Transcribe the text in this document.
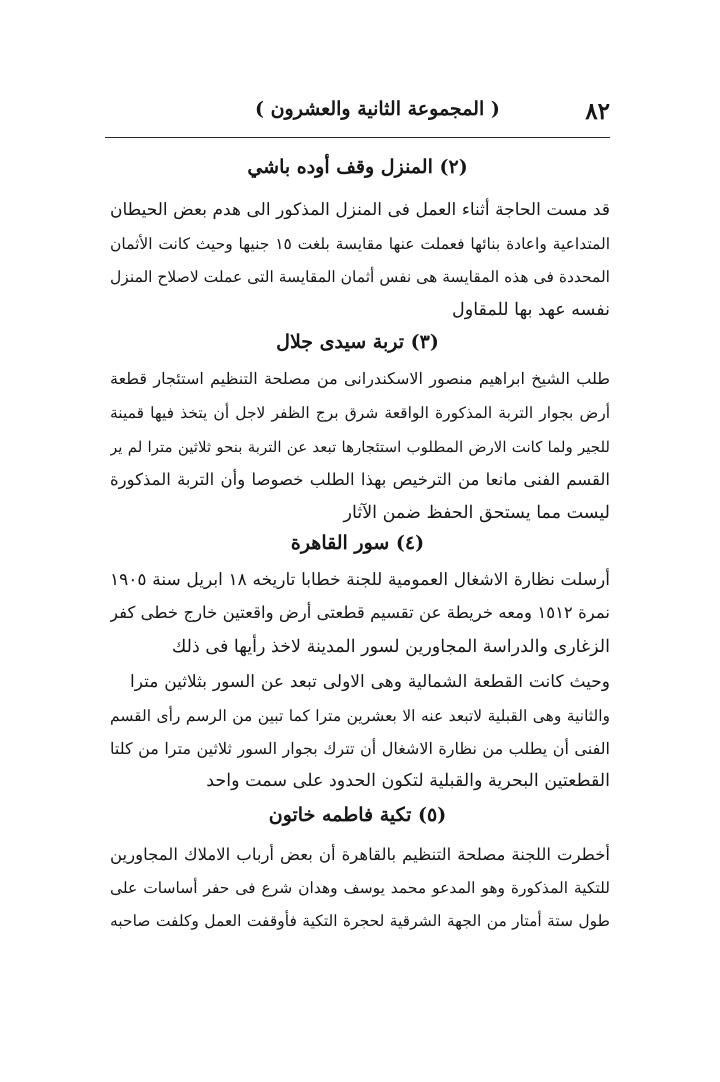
٨٢
( المجموعة الثانية والعشرون )
(٢) المنزل وقف أوده باشي
قد مست الحاجة أثناء العمل فى المنزل المذكور الى هدم بعض الحيطان
المتداعية واعادة بنائها فعملت عنها مقايسة بلغت ١٥ جنيها وحيث كانت الأثمان
المحددة فى هذه المقايسة هى نفس أثمان المقايسة التى عملت لاصلاح المنزل
نفسه عهد بها للمقاول
(٣) تربة سيدى جلال
طلب الشيخ ابراهيم منصور الاسكندرانى من مصلحة التنظيم استئجار قطعة
أرض بجوار التربة المذكورة الواقعة شرق برج الظفر لاجل أن يتخذ فيها قمينة
للجير ولما كانت الارض المطلوب استئجارها تبعد عن التربة بنحو ثلاثين مترا لم ير
القسم الفنى مانعا من الترخيص بهذا الطلب خصوصا وأن التربة المذكورة
ليست مما يستحق الحفظ ضمن الآثار
(٤) سور القاهرة
أرسلت نظارة الاشغال العمومية للجنة خطابا تاريخه ١٨ ابريل سنة ١٩٠٥
نمرة ١٥١٢ ومعه خريطة عن تقسيم قطعتى أرض واقعتين خارج خطى كفر
الزغارى والدراسة المجاورين لسور المدينة لاخذ رأيها فى ذلك
وحيث كانت القطعة الشمالية وهى الاولى تبعد عن السور بثلاثين مترا
والثانية وهى القبلية لاتبعد عنه الا بعشرين مترا كما تبين من الرسم رأى القسم
الفنى أن يطلب من نظارة الاشغال أن تترك بجوار السور ثلاثين مترا من كلتا
القطعتين البحرية والقبلية لتكون الحدود على سمت واحد
(٥) تكية فاطمه خاتون
أخطرت اللجنة مصلحة التنظيم بالقاهرة أن بعض أرباب الاملاك المجاورين
للتكية المذكورة وهو المدعو محمد يوسف وهدان شرع فى حفر أساسات على
طول ستة أمتار من الجهة الشرقية لحجرة التكية فأوقفت العمل وكلفت صاحبه
